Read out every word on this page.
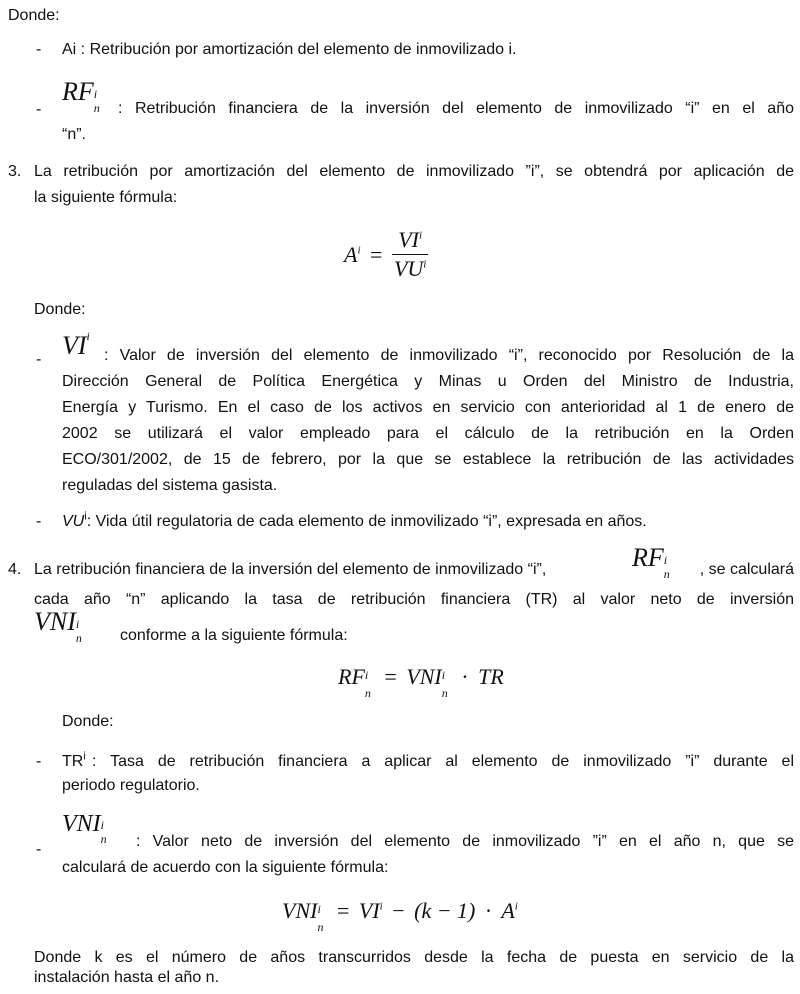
Donde:
- Ai : Retribución por amortización del elemento de inmovilizado i.
-
RF i
n : Retribución financiera de la inversión del elemento de inmovilizado “i” en el año
“n”.
3. La retribución por amortización del elemento de inmovilizado ”i”, se obtendrá por aplicación de
la siguiente fórmula:
$A^i = \frac{VI^i}{VU^i}$
Donde:
- $VI^i$
: Valor de inversión del elemento de inmovilizado “i”, reconocido por Resolución de la
Dirección General de Política Energética y Minas u Orden del Ministro de Industria,
Energía y Turismo. En el caso de los activos en servicio con anterioridad al 1 de enero de
2002 se utilizará el valor empleado para el cálculo de la retribución en la Orden
ECO/301/2002, de 15 de febrero, por la que se establece la retribución de las actividades
reguladas del sistema gasista.
- $VU^i$: Vida útil regulatoria de cada elemento de inmovilizado “i”, expresada en años.
4. La retribución financiera de la inversión del elemento de inmovilizado “i”,	RF i
n , se calculará
cada año “n” aplicando la tasa de retribución financiera (TR) al valor neto de inversión
VNI i
n conforme a la siguiente fórmula:
RF i
n
= VNI i
n
· TR
Donde:
- $TR^i$ : Tasa de retribución financiera a aplicar al elemento de inmovilizado ”i” durante el
periodo regulatorio.
-
VNI i
n : Valor neto de inversión del elemento de inmovilizado ”i” en el año n, que se
calculará de acuerdo con la siguiente fórmula:
VNI i
n
= $VI^i - (k - 1) \cdot A^i$
Donde k es el número de años transcurridos desde la fecha de puesta en servicio de la
instalación hasta el año n.
